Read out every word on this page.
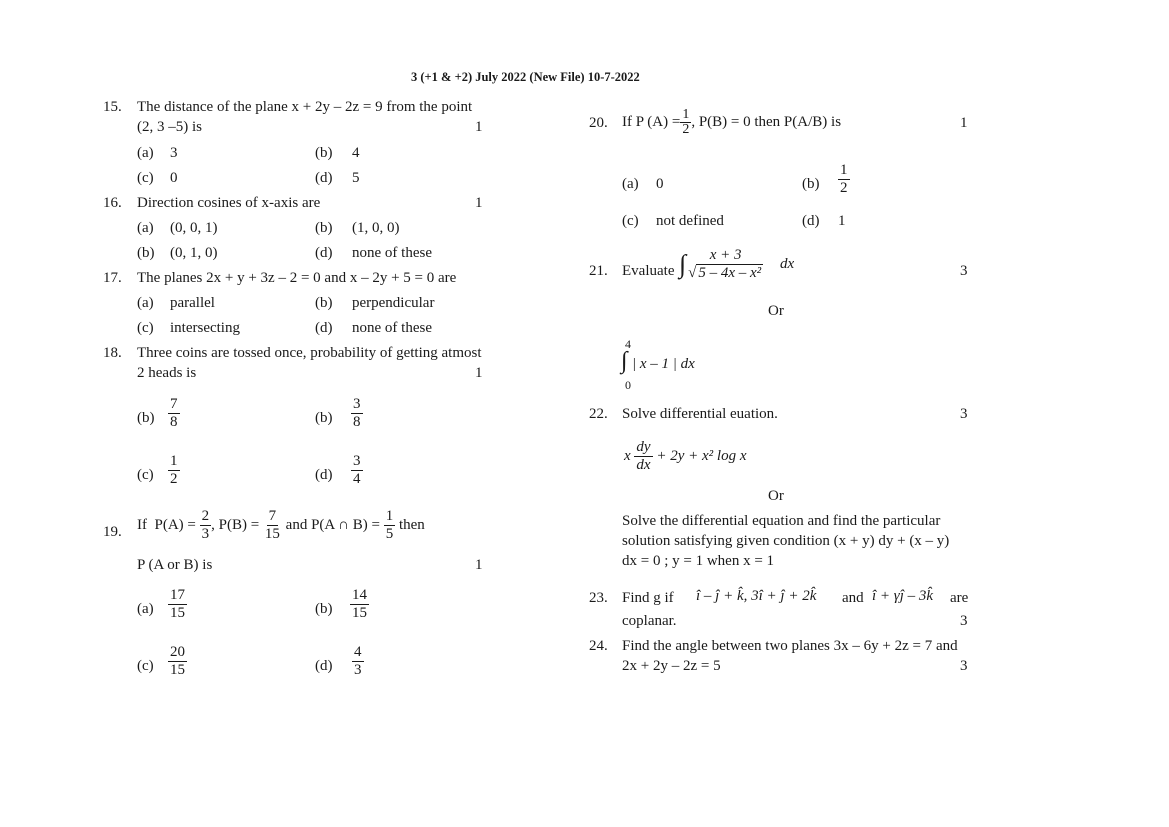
3 (+1 & +2) July 2022 (New File) 10-7-2022
15. The distance of the plane x + 2y – 2z = 9 from the point
(2, 3 –5) is	1
(a) 3	(b) 4
(c) 0	(d) 5
16. Direction cosines of x-axis are	1
(a) (0, 0, 1)	(b) (1, 0, 0)
(b) (0, 1, 0)	(d) none of these
17. The planes 2x + y + 3z – 2 = 0 and x – 2y + 5 = 0 are
(a) parallel	(b) perpendicular
(c) intersecting	(d) none of these
18. Three coins are tossed once, probability of getting atmost
2 heads is	1
$(b) \frac{7}{8}$	$(b) \frac{3}{8}$
$(c) \frac{1}{2}$	$(d) \frac{3}{4}$
19. If $P(A) = \frac{2}{3}$ , $P(B) = \frac{7}{15}$ and P(A ∩ $B) = \frac{1}{5}$ then
P (A or B) is	1
$(a) \frac{17}{15}$	$(b) \frac{14}{15}$
$(c) \frac{20}{15}$	$(d) \frac{4}{3}$
20. If P $(A) = \frac{1}{2}$ , P(B) = 0 then P(A/B) is	1
(a) 0	$(b) \frac{1}{2}$
(c) not defined	(d) 1
21. Evaluate ∫ $\frac{x + 3}{\text{√ 5 – 4x – x²}}$ dx	3
Or
4
∫ | x – 1 | dx
0
22. Solve differential euation.	3
x $\frac{dy}{dx} + 2y + x^2$ log x
Or
Solve the differential equation and find the particular
solution satisfying given condition (x + y) dy + (x – y)
dx = 0 ; y = 1 when x = 1
23. Find g if î – ĵ + k̂, 3î + ĵ + 2k̂ and î + γĵ – 3k̂ are
coplanar.	3
24. Find the angle between two planes 3x – 6y + 2z = 7 and
2x + 2y – 2z = 5	3
